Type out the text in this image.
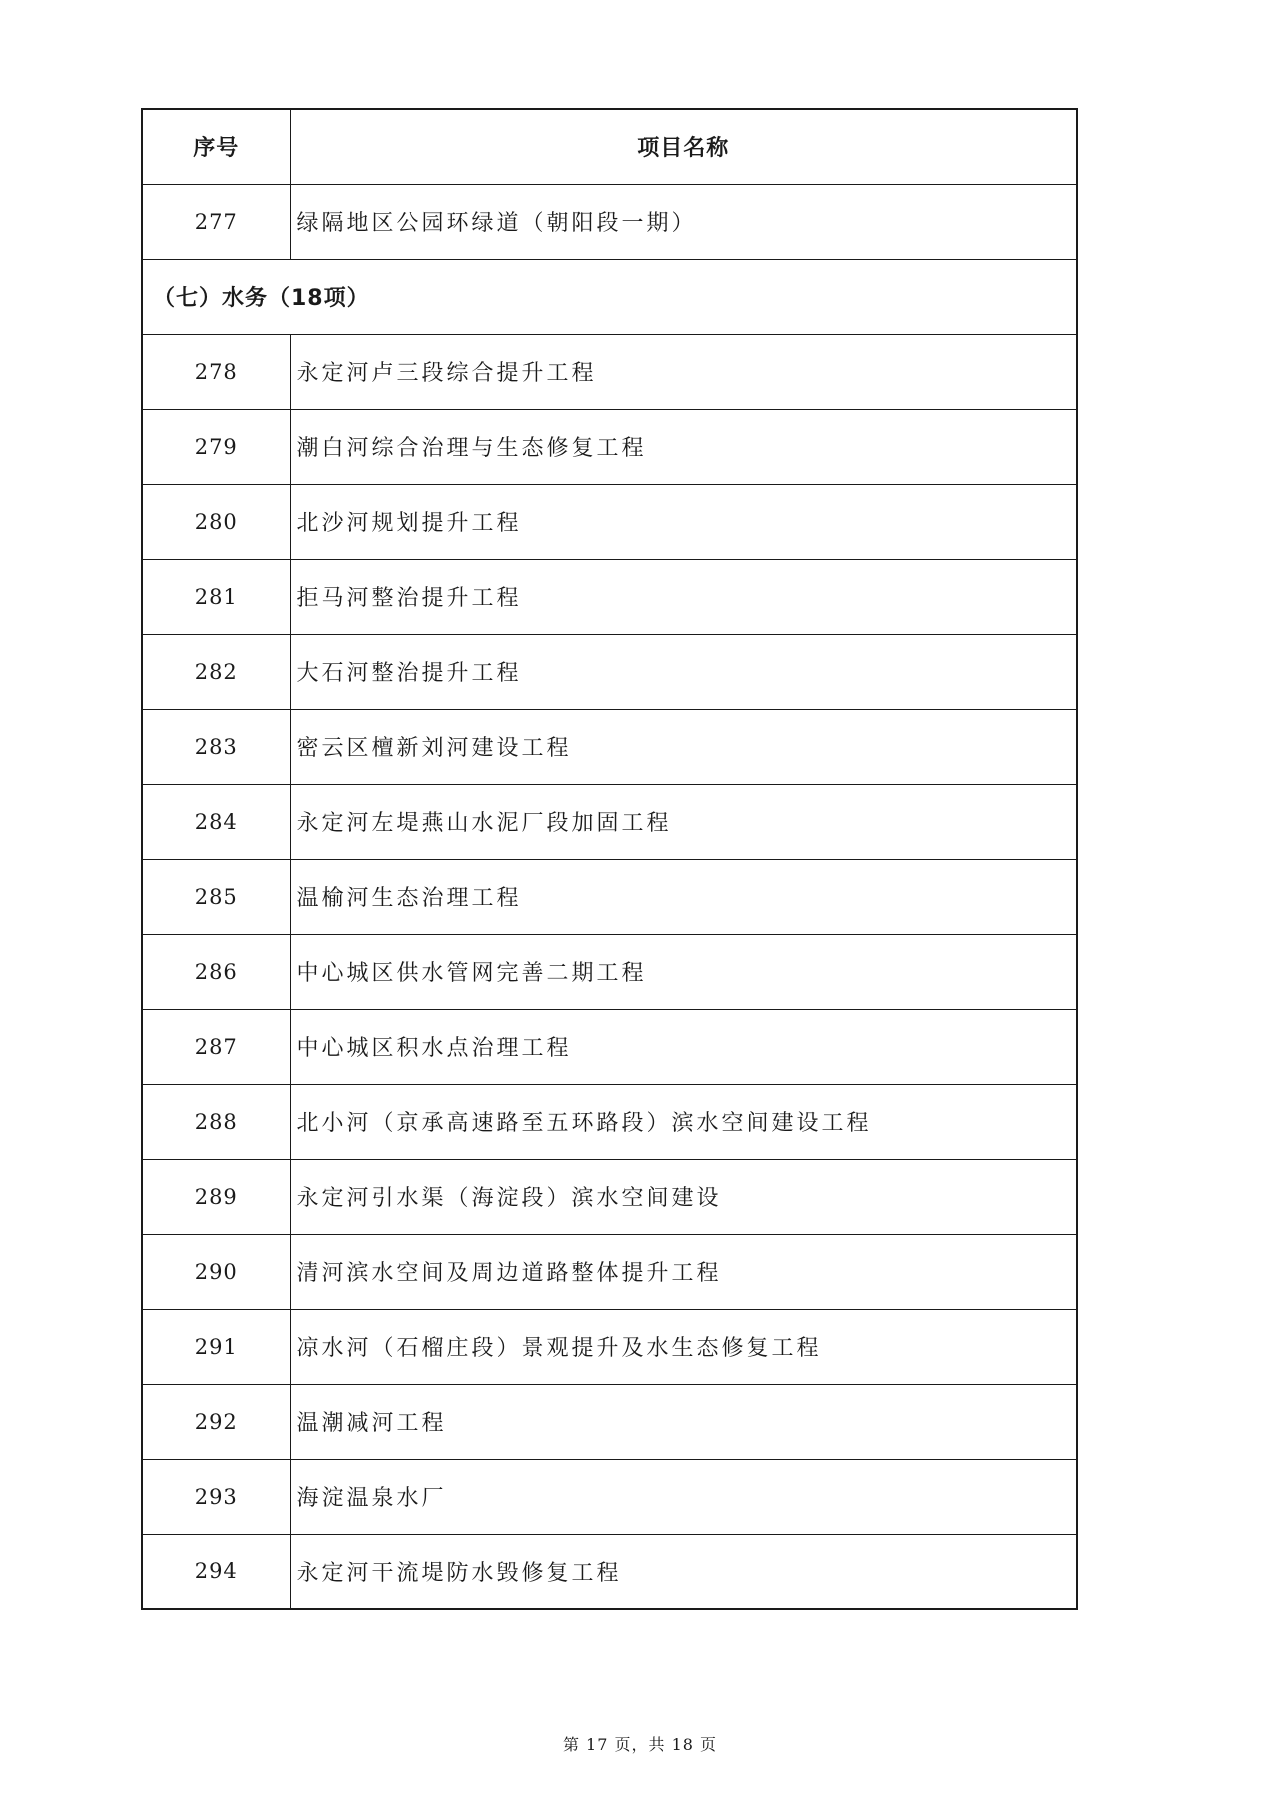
序号	项目名称
277	绿隔地区公园环绿道（朝阳段一期）
（七）水务（18项）	
278	永定河卢三段综合提升工程
279	潮白河综合治理与生态修复工程
280	北沙河规划提升工程
281	拒马河整治提升工程
282	大石河整治提升工程
283	密云区檀新刘河建设工程
284	永定河左堤燕山水泥厂段加固工程
285	温榆河生态治理工程
286	中心城区供水管网完善二期工程
287	中心城区积水点治理工程
288	北小河（京承高速路至五环路段）滨水空间建设工程
289	永定河引水渠（海淀段）滨水空间建设
290	清河滨水空间及周边道路整体提升工程
291	凉水河（石榴庄段）景观提升及水生态修复工程
292	温潮减河工程
293	海淀温泉水厂
294	永定河干流堤防水毁修复工程
第 17 页，共 18 页
